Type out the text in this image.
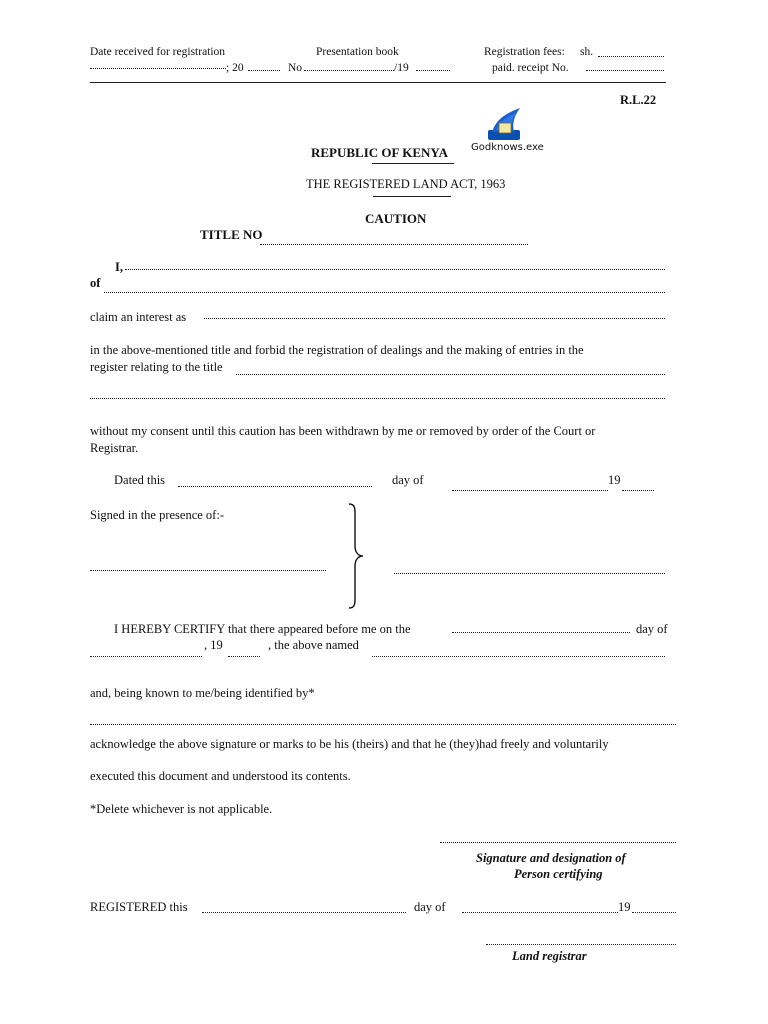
Date received for registration
; 20
Presentation book
No	/19
Registration fees: sh.
paid. receipt No.
R.L.22
Godknows.exe
REPUBLIC OF KENYA
THE REGISTERED LAND ACT, 1963
CAUTION
TITLE NO
I,
of
claim an interest as
in the above-mentioned title and forbid the registration of dealings and the making of entries in the
register relating to the title
without my consent until this caution has been withdrawn by me or removed by order of the Court or
Registrar.
Dated this	day of	19
Signed in the presence of:-
I HEREBY CERTIFY that there appeared before me on the	day of
, 19	, the above named
and, being known to me/being identified by*
acknowledge the above signature or marks to be his (theirs) and that he (they)had freely and voluntarily
executed this document and understood its contents.
*Delete whichever is not applicable.
Signature and designation of
Person certifying
REGISTERED this	day of	19
Land registrar
